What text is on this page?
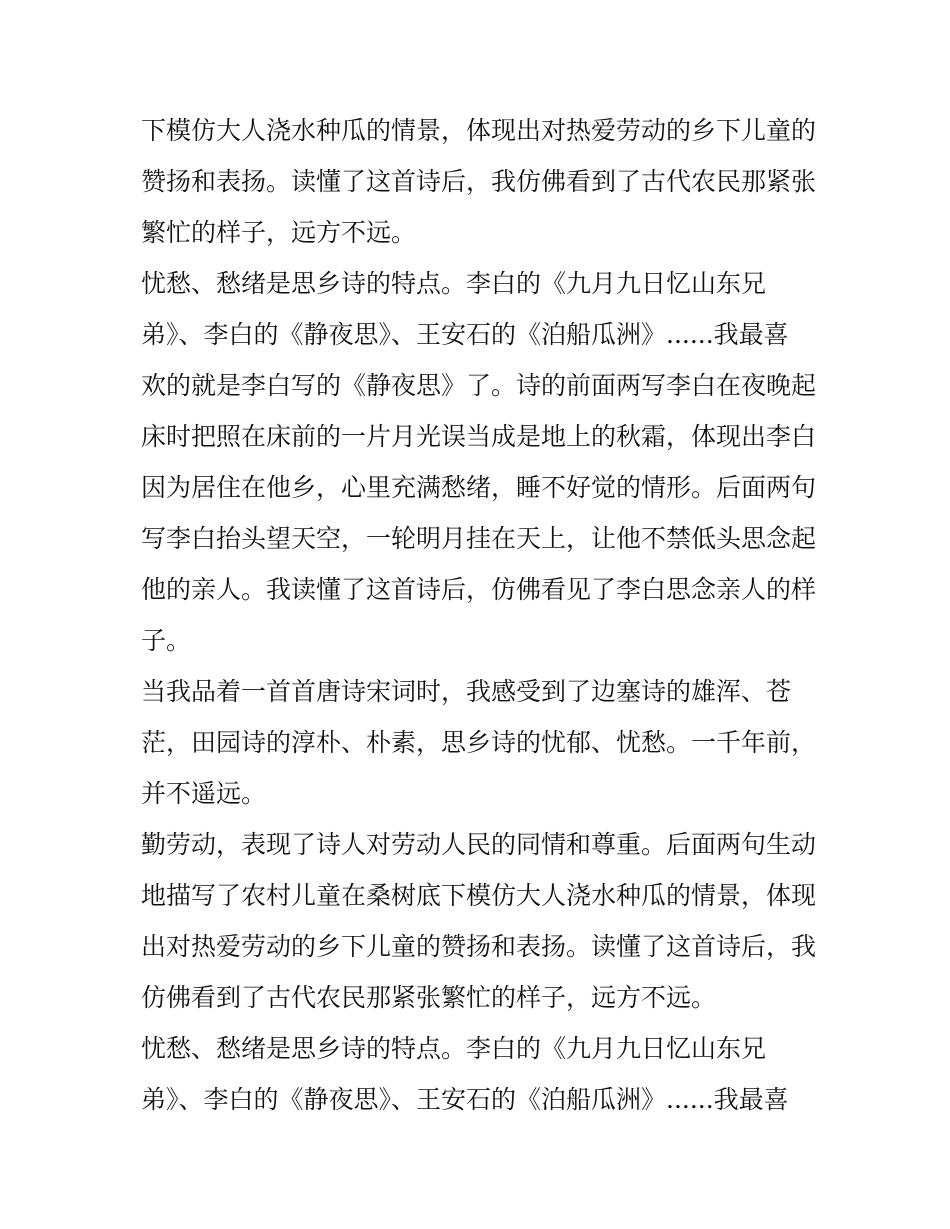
下模仿大人浇水种瓜的情景，体现出对热爱劳动的乡下儿童的
赞扬和表扬。读懂了这首诗后，我仿佛看到了古代农民那紧张
繁忙的样子，远方不远。
忧愁、愁绪是思乡诗的特点。李白的《九月九日忆山东兄
弟》、李白的《静夜思》、王安石的《泊船瓜洲》......我最喜
欢的就是李白写的《静夜思》了。诗的前面两写李白在夜晚起
床时把照在床前的一片月光误当成是地上的秋霜，体现出李白
因为居住在他乡，心里充满愁绪，睡不好觉的情形。后面两句
写李白抬头望天空，一轮明月挂在天上，让他不禁低头思念起
他的亲人。我读懂了这首诗后，仿佛看见了李白思念亲人的样
子。
当我品着一首首唐诗宋词时，我感受到了边塞诗的雄浑、苍
茫，田园诗的淳朴、朴素，思乡诗的忧郁、忧愁。一千年前，
并不遥远。
勤劳动，表现了诗人对劳动人民的同情和尊重。后面两句生动
地描写了农村儿童在桑树底下模仿大人浇水种瓜的情景，体现
出对热爱劳动的乡下儿童的赞扬和表扬。读懂了这首诗后，我
仿佛看到了古代农民那紧张繁忙的样子，远方不远。
忧愁、愁绪是思乡诗的特点。李白的《九月九日忆山东兄
弟》、李白的《静夜思》、王安石的《泊船瓜洲》......我最喜
